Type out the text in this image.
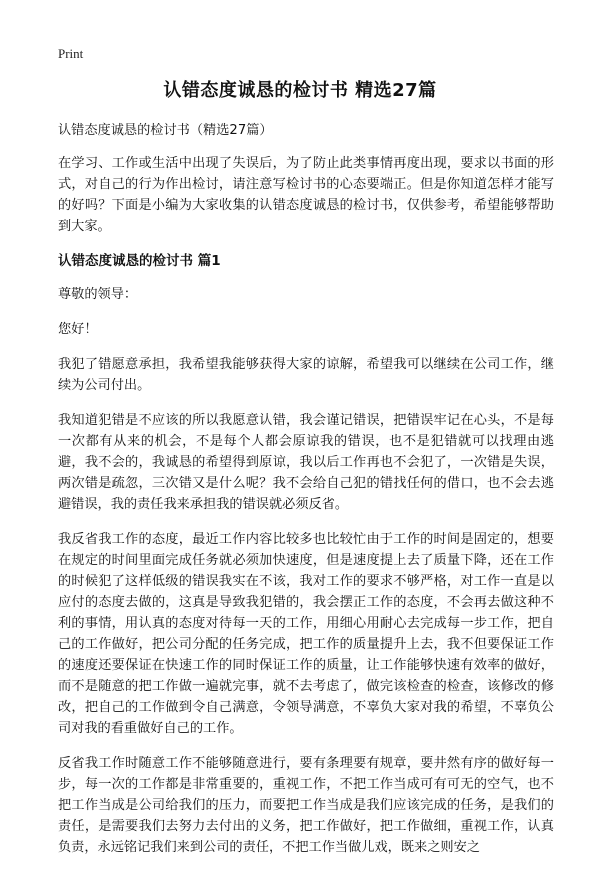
Print
认错态度诚恳的检讨书 精选27篇

认错态度诚恳的检讨书（精选27篇）

在学习、工作或生活中出现了失误后，为了防止此类事情再度出现，要求以书面的形式，对自己的行为作出检讨，请注意写检讨书的心态要端正。但是你知道怎样才能写的好吗？下面是小编为大家收集的认错态度诚恳的检讨书，仅供参考，希望能够帮助到大家。

认错态度诚恳的检讨书 篇1

尊敬的领导：

您好！

我犯了错愿意承担，我希望我能够获得大家的谅解，希望我可以继续在公司工作，继续为公司付出。

我知道犯错是不应该的所以我愿意认错，我会谨记错误，把错误牢记在心头，不是每一次都有从来的机会，不是每个人都会原谅我的错误，也不是犯错就可以找理由逃避，我不会的，我诚恳的希望得到原谅，我以后工作再也不会犯了，一次错是失误，两次错是疏忽，三次错又是什么呢？我不会给自己犯的错找任何的借口，也不会去逃避错误，我的责任我来承担我的错误就必须反省。

我反省我工作的态度，最近工作内容比较多也比较忙由于工作的时间是固定的，想要在规定的时间里面完成任务就必须加快速度，但是速度提上去了质量下降，还在工作的时候犯了这样低级的错误我实在不该，我对工作的要求不够严格，对工作一直是以应付的态度去做的，这真是导致我犯错的，我会摆正工作的态度，不会再去做这种不利的事情，用认真的态度对待每一天的工作，用细心用耐心去完成每一步工作，把自己的工作做好，把公司分配的任务完成，把工作的质量提升上去，我不但要保证工作的速度还要保证在快速工作的同时保证工作的质量，让工作能够快速有效率的做好，而不是随意的把工作做一遍就完事，就不去考虑了，做完该检查的检查，该修改的修改，把自己的工作做到令自己满意，令领导满意，不辜负大家对我的希望，不辜负公司对我的看重做好自己的工作。

反省我工作时随意工作不能够随意进行，要有条理要有规章，要井然有序的做好每一步，每一次的工作都是非常重要的，重视工作，不把工作当成可有可无的空气，也不把工作当成是公司给我们的压力，而要把工作当成是我们应该完成的任务，是我们的责任，是需要我们去努力去付出的义务，把工作做好，把工作做细，重视工作，认真负责，永远铭记我们来到公司的责任，不把工作当做儿戏，既来之则安之
